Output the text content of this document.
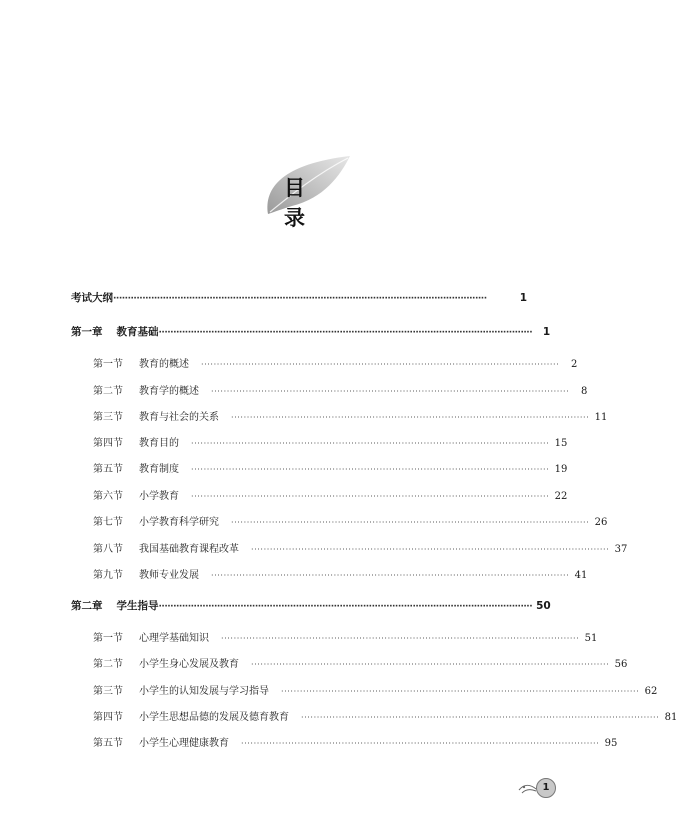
目 录
考试大纲 ································································································································	1
第一章 教育基础 ································································································································	1
第一节	教育的概述 ··················································································································	2
第二节	教育学的概述 ··················································································································	8
第三节	教育与社会的关系 ·················································································································· 11
第四节	教育目的 ·················································································································· 15
第五节	教育制度 ·················································································································· 19
第六节	小学教育 ·················································································································· 22
第七节	小学教育科学研究 ·················································································································· 26
第八节	我国基础教育课程改革 ·················································································································· 37
第九节	教师专业发展 ·················································································································· 41
第二章 学生指导 ································································································································ 50
第一节	心理学基础知识 ·················································································································· 51
第二节	小学生身心发展及教育 ·················································································································· 56
第三节	小学生的认知发展与学习指导 ·················································································································· 62
第四节	小学生思想品德的发展及德育教育 ·················································································································· 81
第五节	小学生心理健康教育 ·················································································································· 95
1
